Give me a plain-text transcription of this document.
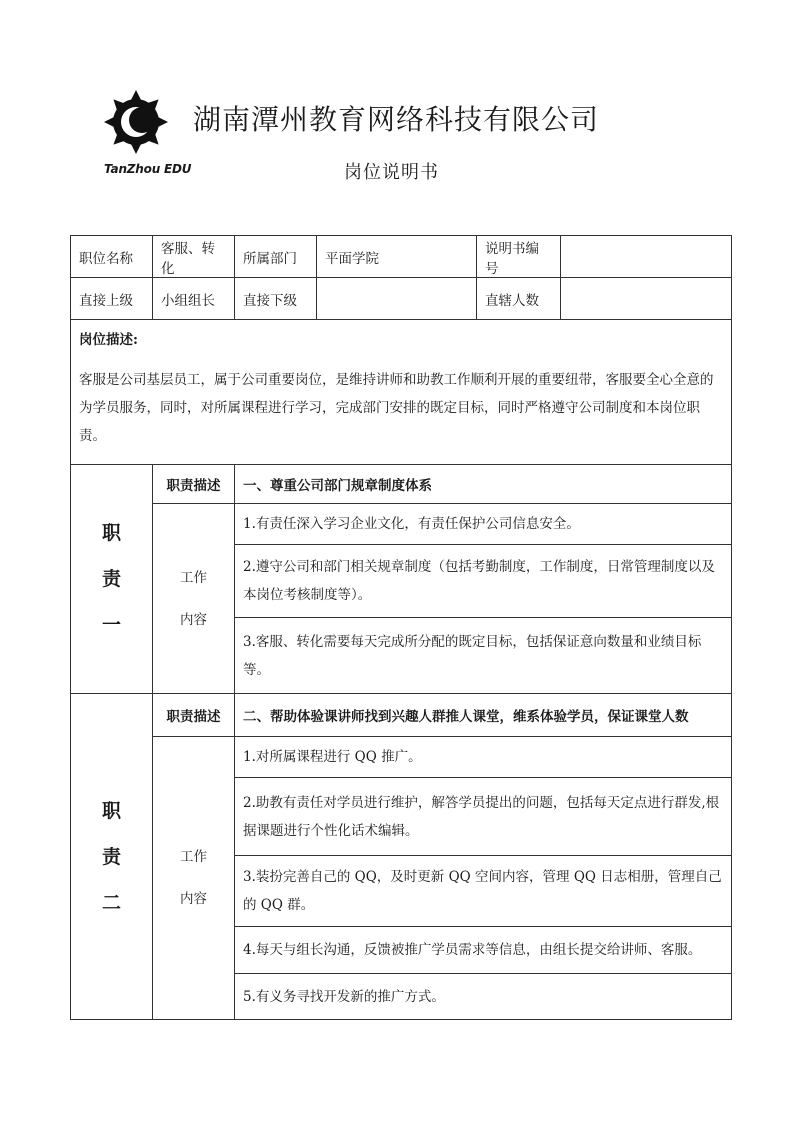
TanZhou EDU
湖南潭州教育网络科技有限公司
岗位说明书
职位名称	客服、转化	所属部门	平面学院	说明书编号	
直接上级	小组组长	直接下级		直辖人数	

岗位描述:
客服是公司基层员工，属于公司重要岗位，是维持讲师和助教工作顺利开展的重要纽带，客服要全心全意的为学员服务，同时，对所属课程进行学习，完成部门安排的既定目标，同时严格遵守公司制度和本岗位职责。					

职
责
一	职责描述	一、尊重公司部门规章制度体系			

	工作
内容	1.有责任深入学习企业文化，有责任保护公司信息安全。			
		2.遵守公司和部门相关规章制度（包括考勤制度，工作制度，日常管理制度以及本岗位考核制度等）。			
		3.客服、转化需要每天完成所分配的既定目标，包括保证意向数量和业绩目标等。			

职
责
二	职责描述	二、帮助体验课讲师找到兴趣人群推人课堂，维系体验学员，保证课堂人数			

	工作
内容	1.对所属课程进行 QQ 推广。			
		2.助教有责任对学员进行维护，解答学员提出的问题，包括每天定点进行群发,根据课题进行个性化话术编辑。			
		3.装扮完善自己的 QQ，及时更新 QQ 空间内容，管理 QQ 日志相册，管理自己的 QQ 群。			
		4.每天与组长沟通，反馈被推广学员需求等信息，由组长提交给讲师、客服。			
		5.有义务寻找开发新的推广方式。			
